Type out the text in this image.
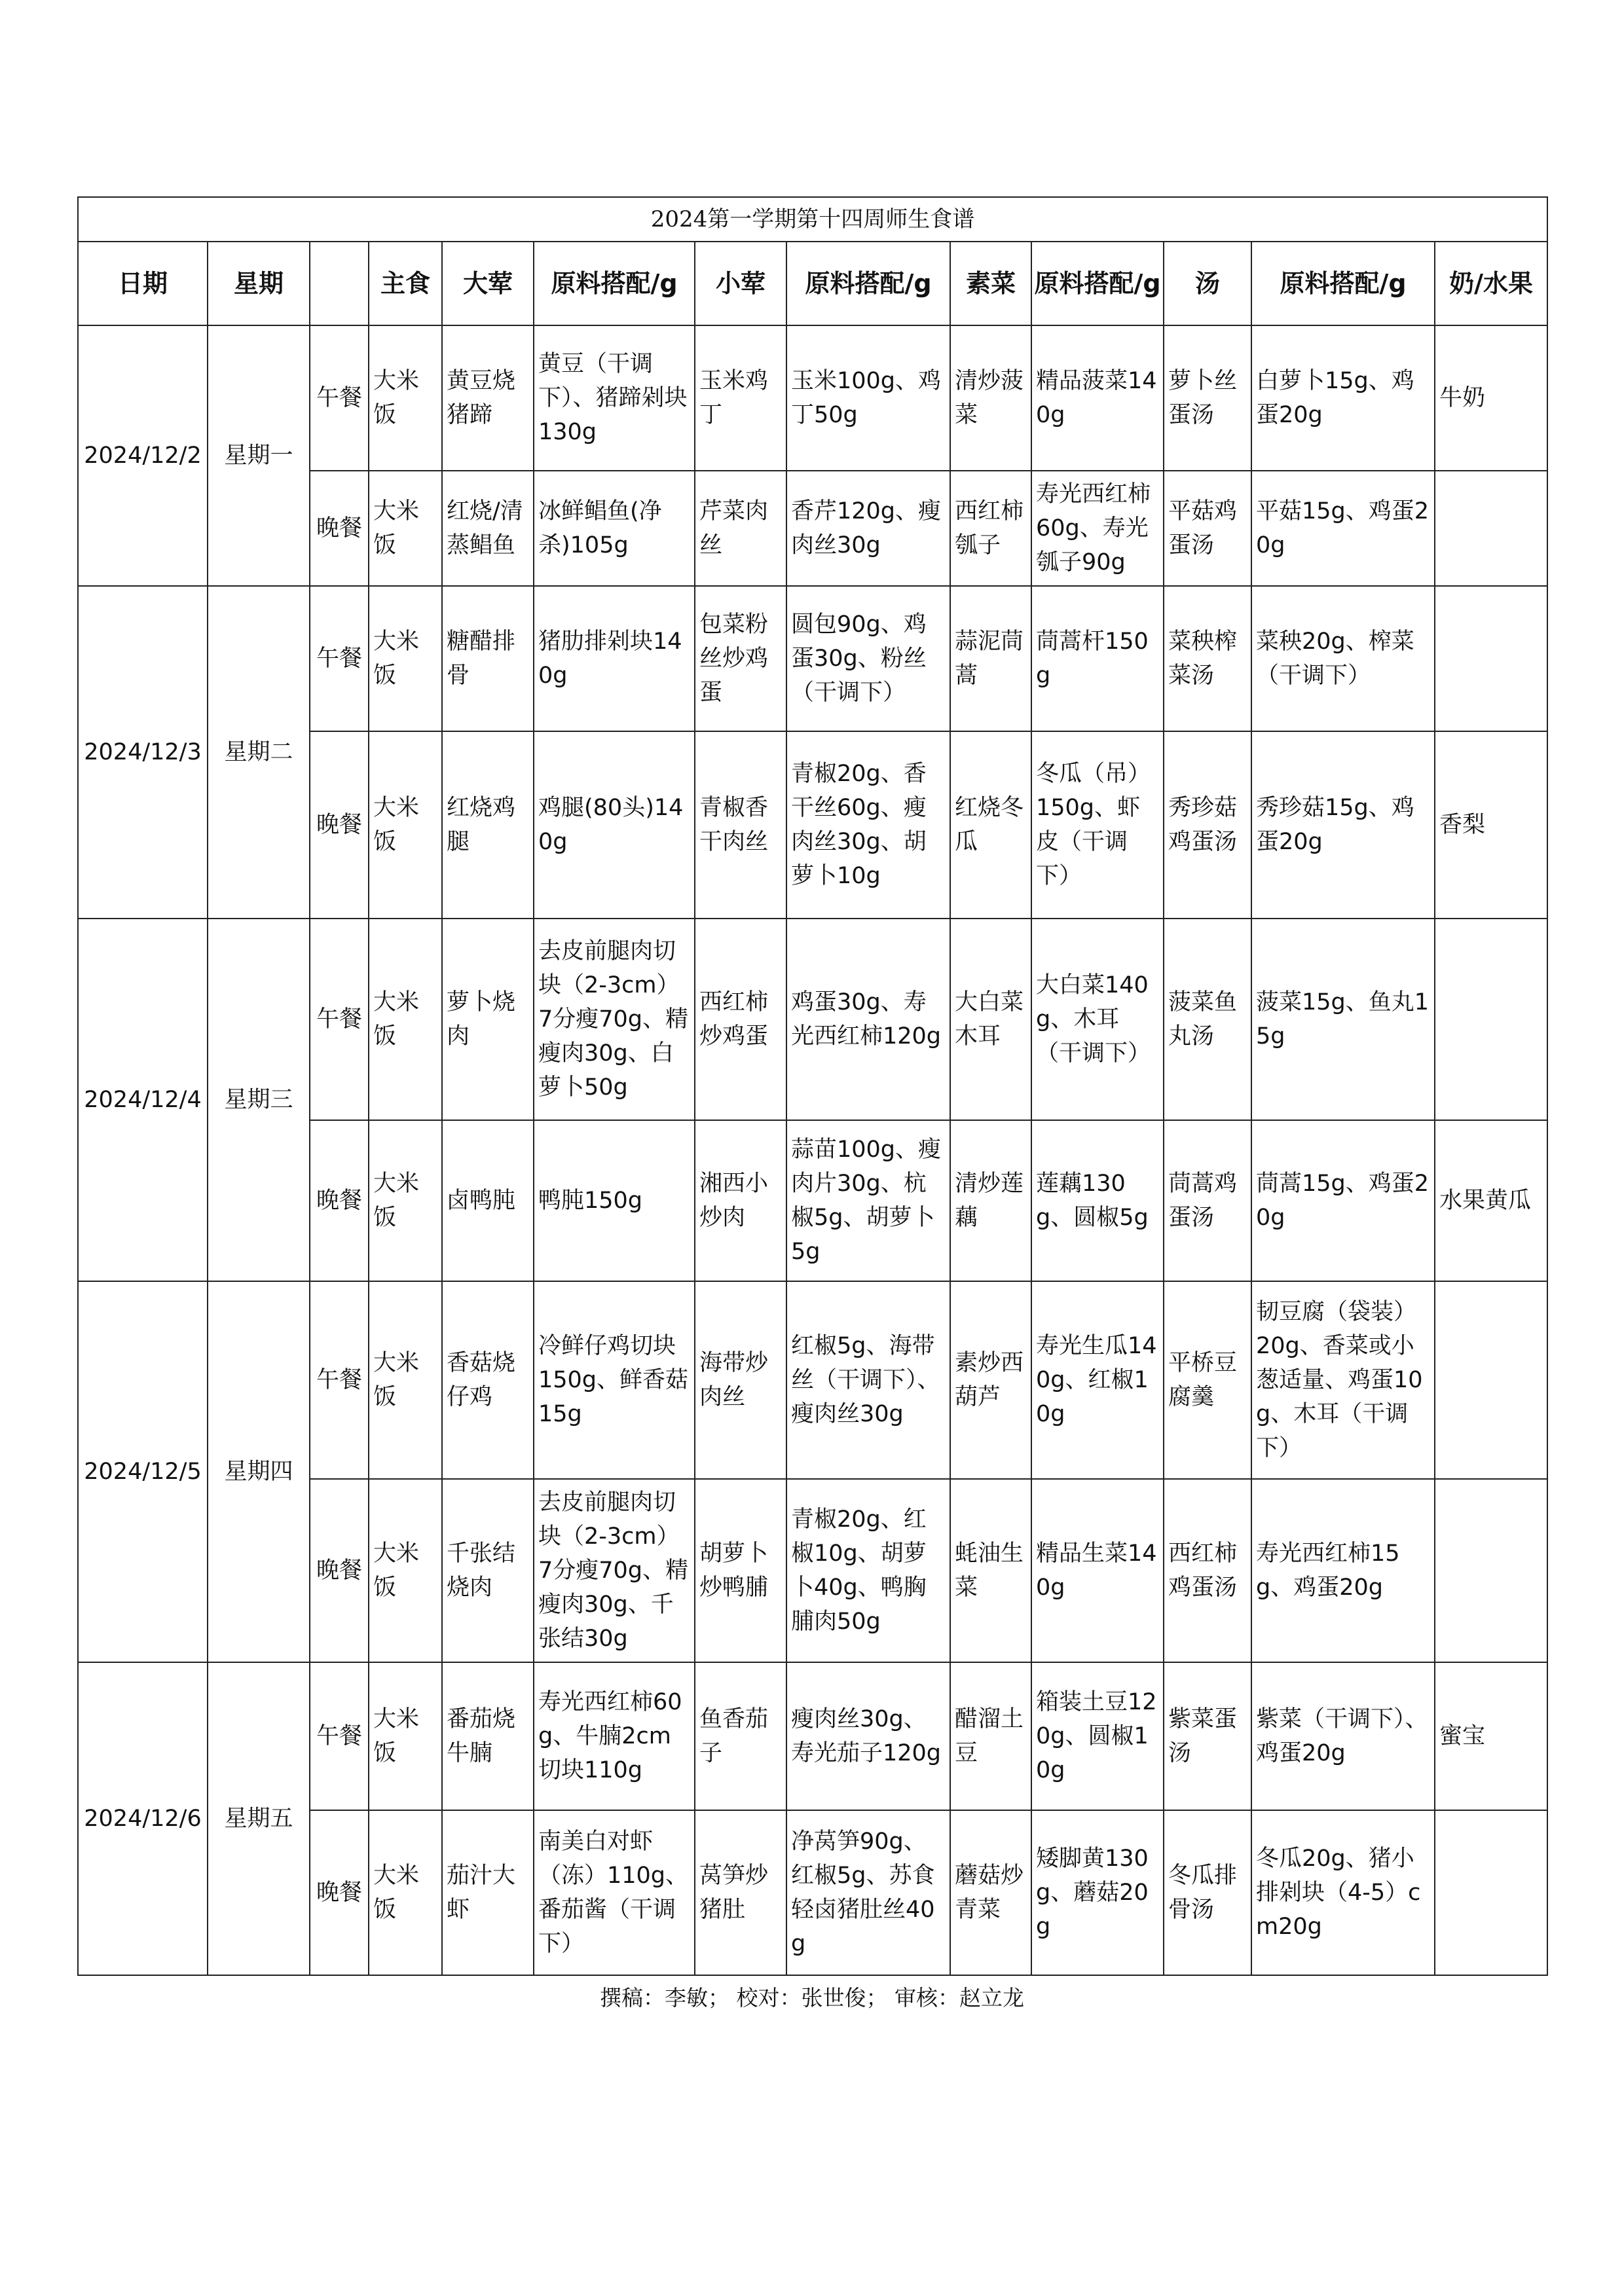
2024第一学期第十四周师生食谱												
日期	星期		主食	大荤	原料搭配/g	小荤	原料搭配/g	素菜	原料搭配/g	汤	原料搭配/g	奶/水果
2024/12/2	星期一	午餐	大米饭	黄豆烧猪蹄	黄豆（干调下）、猪蹄剁块130g	玉米鸡丁	玉米100g、鸡丁50g	清炒菠菜	精品菠菜140g	萝卜丝蛋汤	白萝卜15g、鸡蛋20g	牛奶
		晚餐	大米饭	红烧/清蒸鲳鱼	冰鲜鲳鱼(净杀)105g	芹菜肉丝	香芹120g、瘦肉丝30g	西红柿瓠子	寿光西红柿60g、寿光瓠子90g	平菇鸡蛋汤	平菇15g、鸡蛋20g	
2024/12/3	星期二	午餐	大米饭	糖醋排骨	猪肋排剁块140g	包菜粉丝炒鸡蛋	圆包90g、鸡蛋30g、粉丝（干调下）	蒜泥茼蒿	茼蒿杆150g	菜秧榨菜汤	菜秧20g、榨菜（干调下）	
		晚餐	大米饭	红烧鸡腿	鸡腿(80头)140g	青椒香干肉丝	青椒20g、香干丝60g、瘦肉丝30g、胡萝卜10g	红烧冬瓜	冬瓜（吊）150g、虾皮（干调下）	秀珍菇鸡蛋汤	秀珍菇15g、鸡蛋20g	香梨
2024/12/4	星期三	午餐	大米饭	萝卜烧肉	去皮前腿肉切块（2-3cm）7分瘦70g、精瘦肉30g、白萝卜50g	西红柿炒鸡蛋	鸡蛋30g、寿光西红柿120g	大白菜木耳	大白菜140g、木耳（干调下）	菠菜鱼丸汤	菠菜15g、鱼丸15g	
		晚餐	大米饭	卤鸭肫	鸭肫150g	湘西小炒肉	蒜苗100g、瘦肉片30g、杭椒5g、胡萝卜5g	清炒莲藕	莲藕130g、圆椒5g	茼蒿鸡蛋汤	茼蒿15g、鸡蛋20g	水果黄瓜
2024/12/5	星期四	午餐	大米饭	香菇烧仔鸡	冷鲜仔鸡切块150g、鲜香菇15g	海带炒肉丝	红椒5g、海带丝（干调下）、瘦肉丝30g	素炒西葫芦	寿光生瓜140g、红椒10g	平桥豆腐羹	韧豆腐（袋装）20g、香菜或小葱适量、鸡蛋10g、木耳（干调下）	
		晚餐	大米饭	千张结烧肉	去皮前腿肉切块（2-3cm）7分瘦70g、精瘦肉30g、千张结30g	胡萝卜炒鸭脯	青椒20g、红椒10g、胡萝卜40g、鸭胸脯肉50g	蚝油生菜	精品生菜140g	西红柿鸡蛋汤	寿光西红柿15g、鸡蛋20g	
2024/12/6	星期五	午餐	大米饭	番茄烧牛腩	寿光西红柿60g、牛腩2cm切块110g	鱼香茄子	瘦肉丝30g、寿光茄子120g	醋溜土豆	箱装土豆120g、圆椒10g	紫菜蛋汤	紫菜（干调下）、鸡蛋20g	蜜宝
		晚餐	大米饭	茄汁大虾	南美白对虾（冻）110g、番茄酱（干调下）	莴笋炒猪肚	净莴笋90g、红椒5g、苏食轻卤猪肚丝40g	蘑菇炒青菜	矮脚黄130g、蘑菇20g	冬瓜排骨汤	冬瓜20g、猪小排剁块（4-5）cm20g	
撰稿：李敏； 校对：张世俊； 审核：赵立龙
